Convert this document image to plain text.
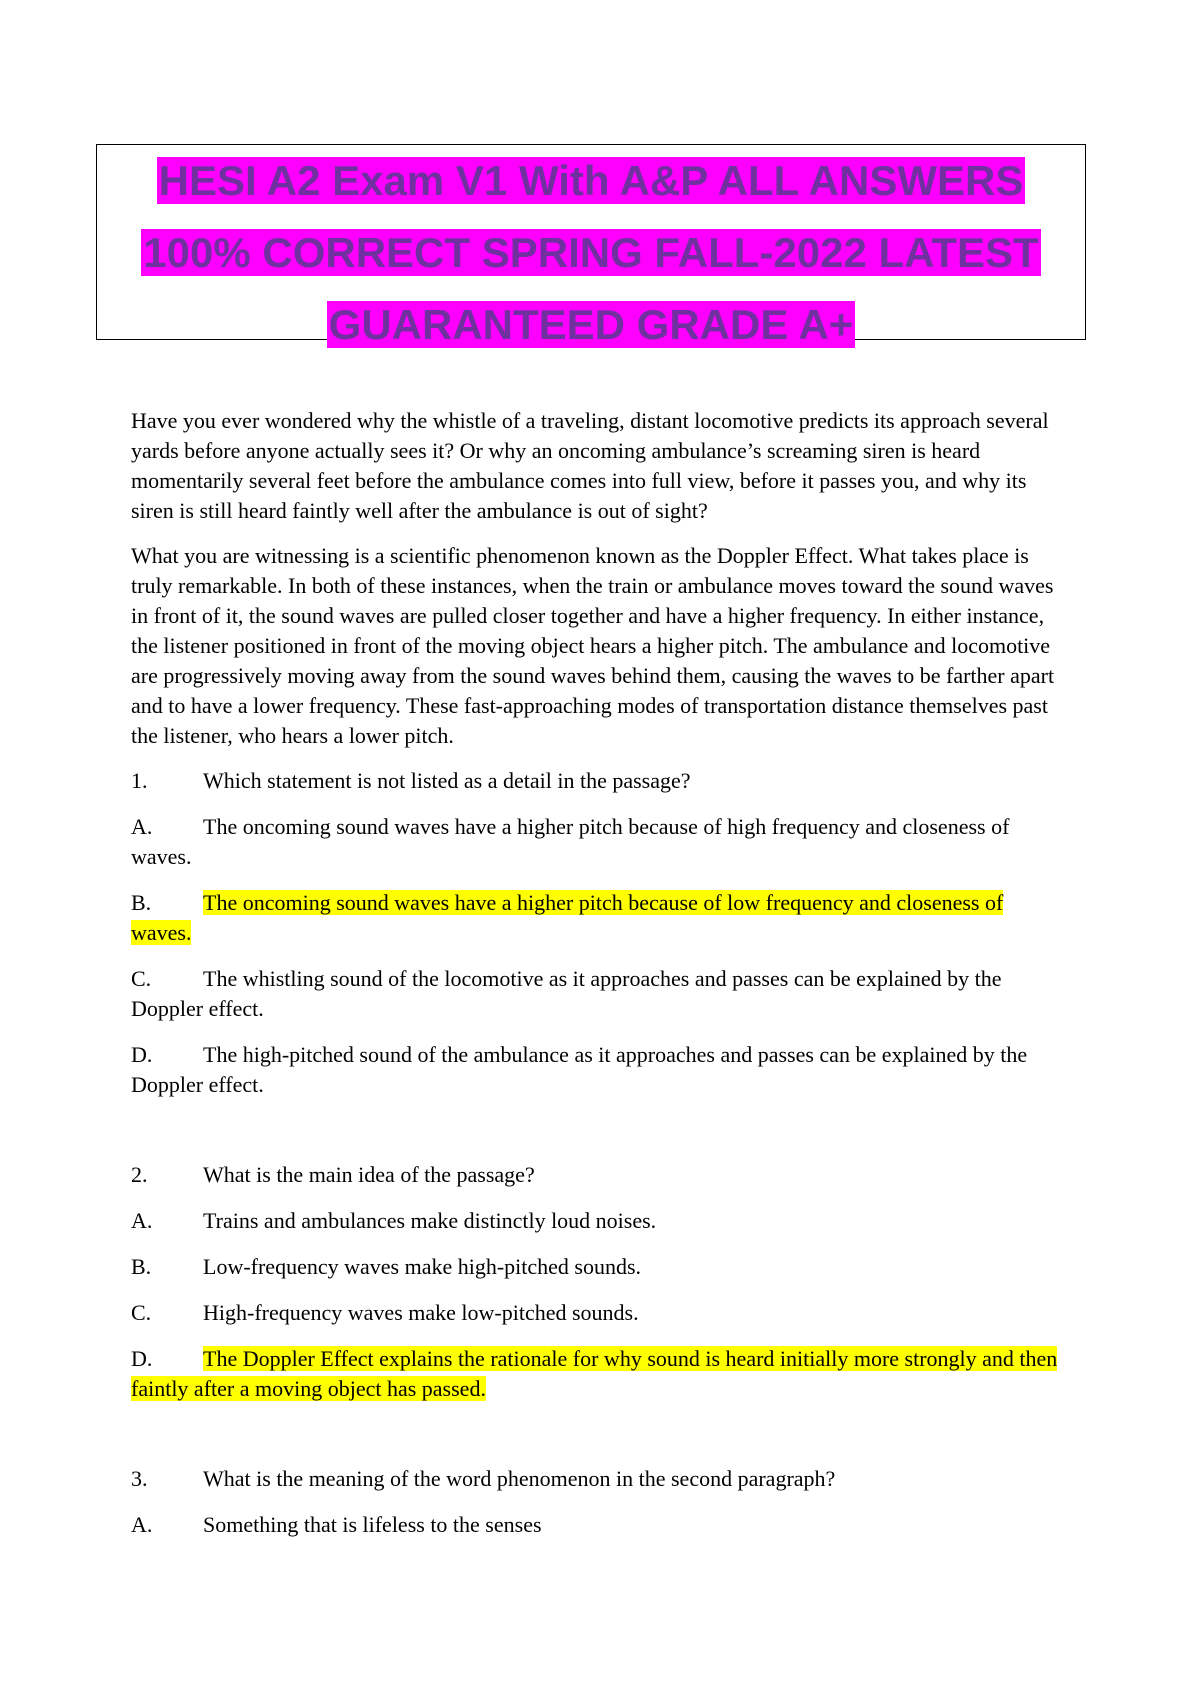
HESI A2 Exam V1 With A&P ALL ANSWERS

100% CORRECT SPRING FALL-2022 LATEST

GUARANTEED GRADE A+

Have you ever wondered why the whistle of a traveling, distant locomotive predicts its approach several yards before anyone actually sees it? Or why an oncoming ambulance’s screaming siren is heard momentarily several feet before the ambulance comes into full view, before it passes you, and why its siren is still heard faintly well after the ambulance is out of sight?

What you are witnessing is a scientific phenomenon known as the Doppler Effect. What takes place is truly remarkable. In both of these instances, when the train or ambulance moves toward the sound waves in front of it, the sound waves are pulled closer together and have a higher frequency. In either instance, the listener positioned in front of the moving object hears a higher pitch. The ambulance and locomotive are progressively moving away from the sound waves behind them, causing the waves to be farther apart and to have a lower frequency. These fast-approaching modes of transportation distance themselves past the listener, who hears a lower pitch.

1.	Which statement is not listed as a detail in the passage?

A. The oncoming sound waves have a higher pitch because of high frequency and closeness of waves.

B. The oncoming sound waves have a higher pitch because of low frequency and closeness of waves.

C. The whistling sound of the locomotive as it approaches and passes can be explained by the Doppler effect.

D. The high-pitched sound of the ambulance as it approaches and passes can be explained by the Doppler effect.

2.	What is the main idea of the passage?

A. Trains and ambulances make distinctly loud noises.

B. Low-frequency waves make high-pitched sounds.

C. High-frequency waves make low-pitched sounds.

D. The Doppler Effect explains the rationale for why sound is heard initially more strongly and then faintly after a moving object has passed.

3.	What is the meaning of the word phenomenon in the second paragraph?

A. Something that is lifeless to the senses
